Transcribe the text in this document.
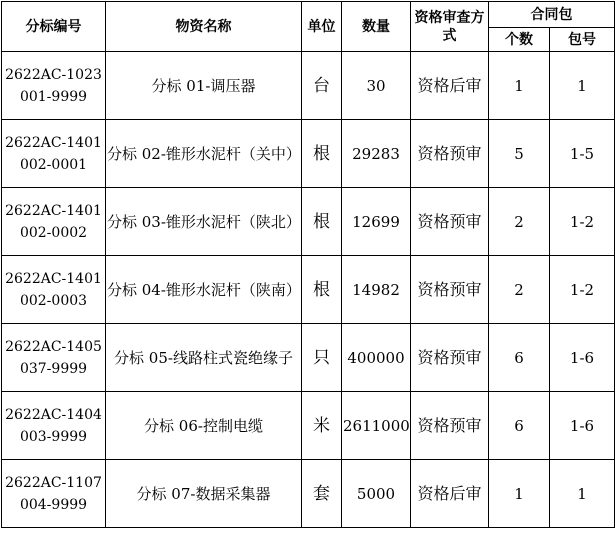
分标编号	物资名称	单位	数量	资格审查方式	合同包	
					个数	包号
2622AC-1023001-9999	分标 01-调压器	台	30	资格后审	1	1
2622AC-1401002-0001	分标 02-锥形水泥杆（关中）	根	29283	资格预审	5	1-5
2622AC-1401002-0002	分标 03-锥形水泥杆（陕北）	根	12699	资格预审	2	1-2
2622AC-1401002-0003	分标 04-锥形水泥杆（陕南）	根	14982	资格预审	2	1-2
2622AC-1405037-9999	分标 05-线路柱式瓷绝缘子	只	400000	资格预审	6	1-6
2622AC-1404003-9999	分标 06-控制电缆	米	2611000	资格预审	6	1-6
2622AC-1107004-9999	分标 07-数据采集器	套	5000	资格后审	1	1
